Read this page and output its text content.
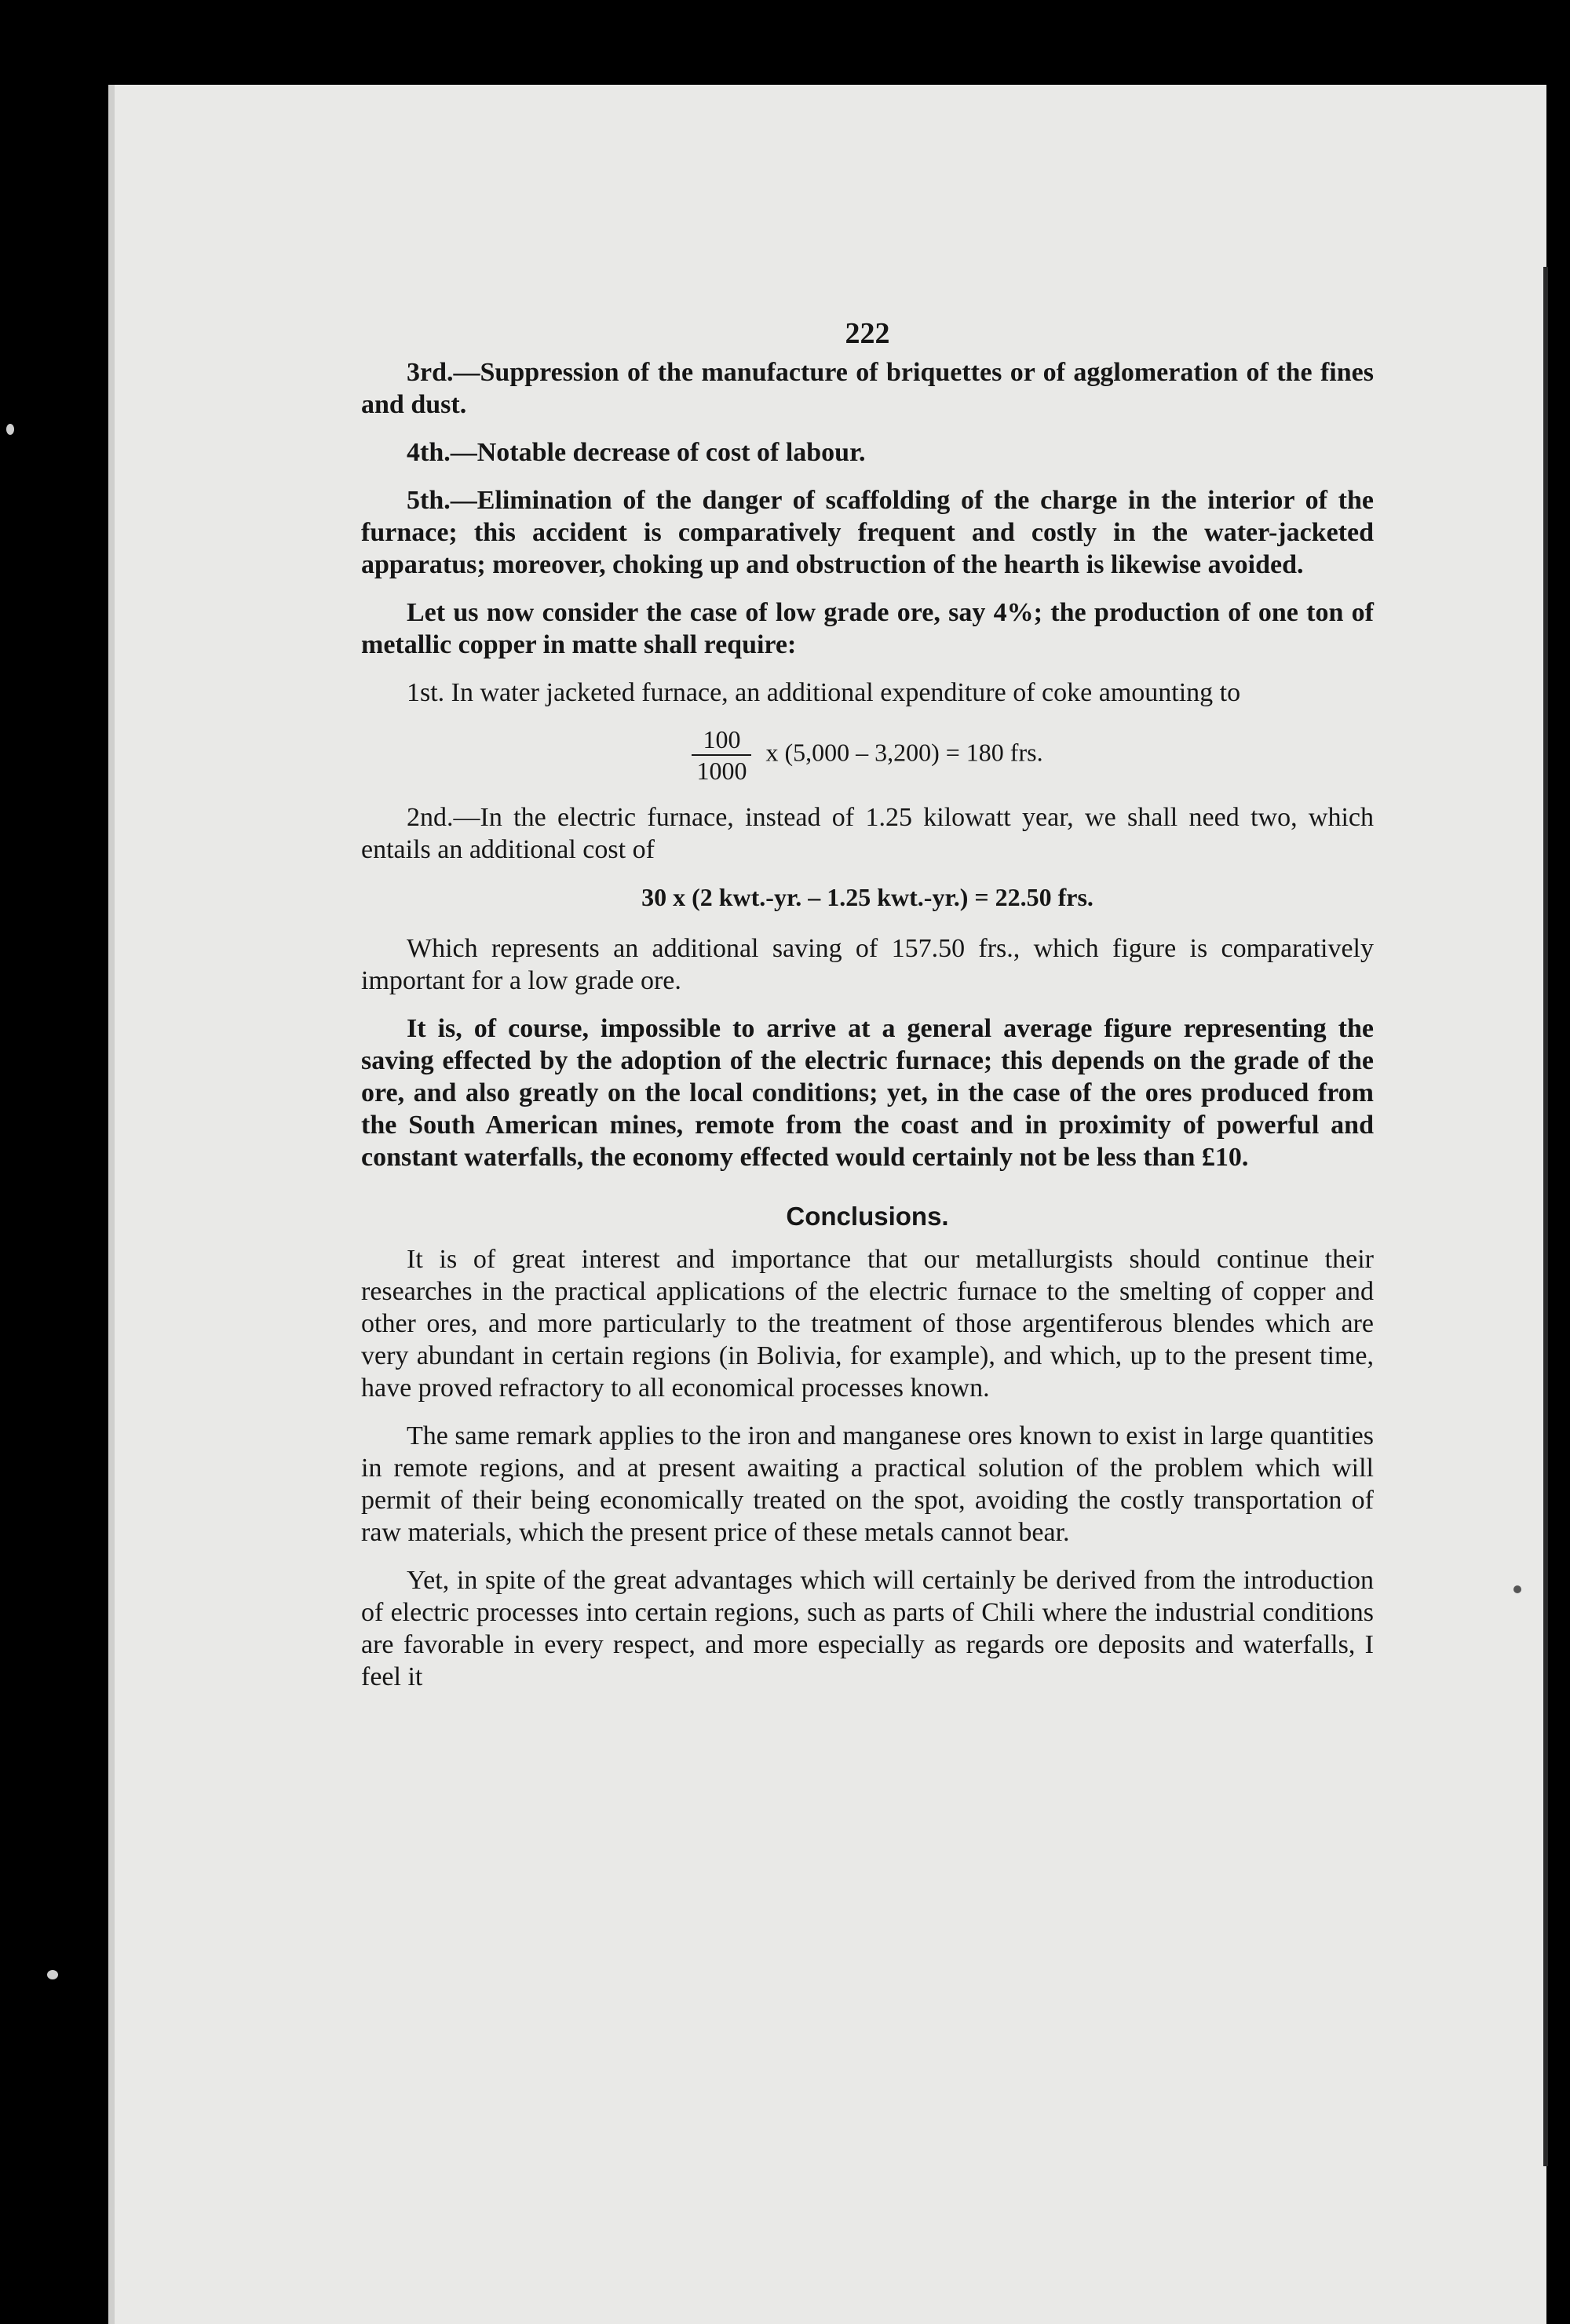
222

3rd.—Suppression of the manufacture of briquettes or of agglomeration of the fines and dust.

4th.—Notable decrease of cost of labour.

5th.—Elimination of the danger of scaffolding of the charge in the interior of the furnace; this accident is comparatively frequent and costly in the water-jacketed apparatus; moreover, choking up and obstruction of the hearth is likewise avoided.

Let us now consider the case of low grade ore, say 4%; the production of one ton of metallic copper in matte shall require:

1st. In water jacketed furnace, an additional expenditure of coke amounting to

$\frac{100}{1000}$ x (5,000 – 3,200) = 180 frs.

2nd.—In the electric furnace, instead of 1.25 kilowatt year, we shall need two, which entails an additional cost of

30 x (2 kwt.-yr. – 1.25 kwt.-yr.) = 22.50 frs.

Which represents an additional saving of 157.50 frs., which figure is comparatively important for a low grade ore.

It is, of course, impossible to arrive at a general average figure representing the saving effected by the adoption of the electric furnace; this depends on the grade of the ore, and also greatly on the local conditions; yet, in the case of the ores produced from the South American mines, remote from the coast and in proximity of powerful and constant waterfalls, the economy effected would certainly not be less than £10.

Conclusions.

It is of great interest and importance that our metallurgists should continue their researches in the practical applications of the electric furnace to the smelting of copper and other ores, and more particularly to the treatment of those argentiferous blendes which are very abundant in certain regions (in Bolivia, for example), and which, up to the present time, have proved refractory to all economical processes known.

The same remark applies to the iron and manganese ores known to exist in large quantities in remote regions, and at present awaiting a practical solution of the problem which will permit of their being economically treated on the spot, avoiding the costly transportation of raw materials, which the present price of these metals cannot bear.

Yet, in spite of the great advantages which will certainly be derived from the introduction of electric processes into certain regions, such as parts of Chili where the industrial conditions are favorable in every respect, and more especially as regards ore deposits and waterfalls, I feel it
